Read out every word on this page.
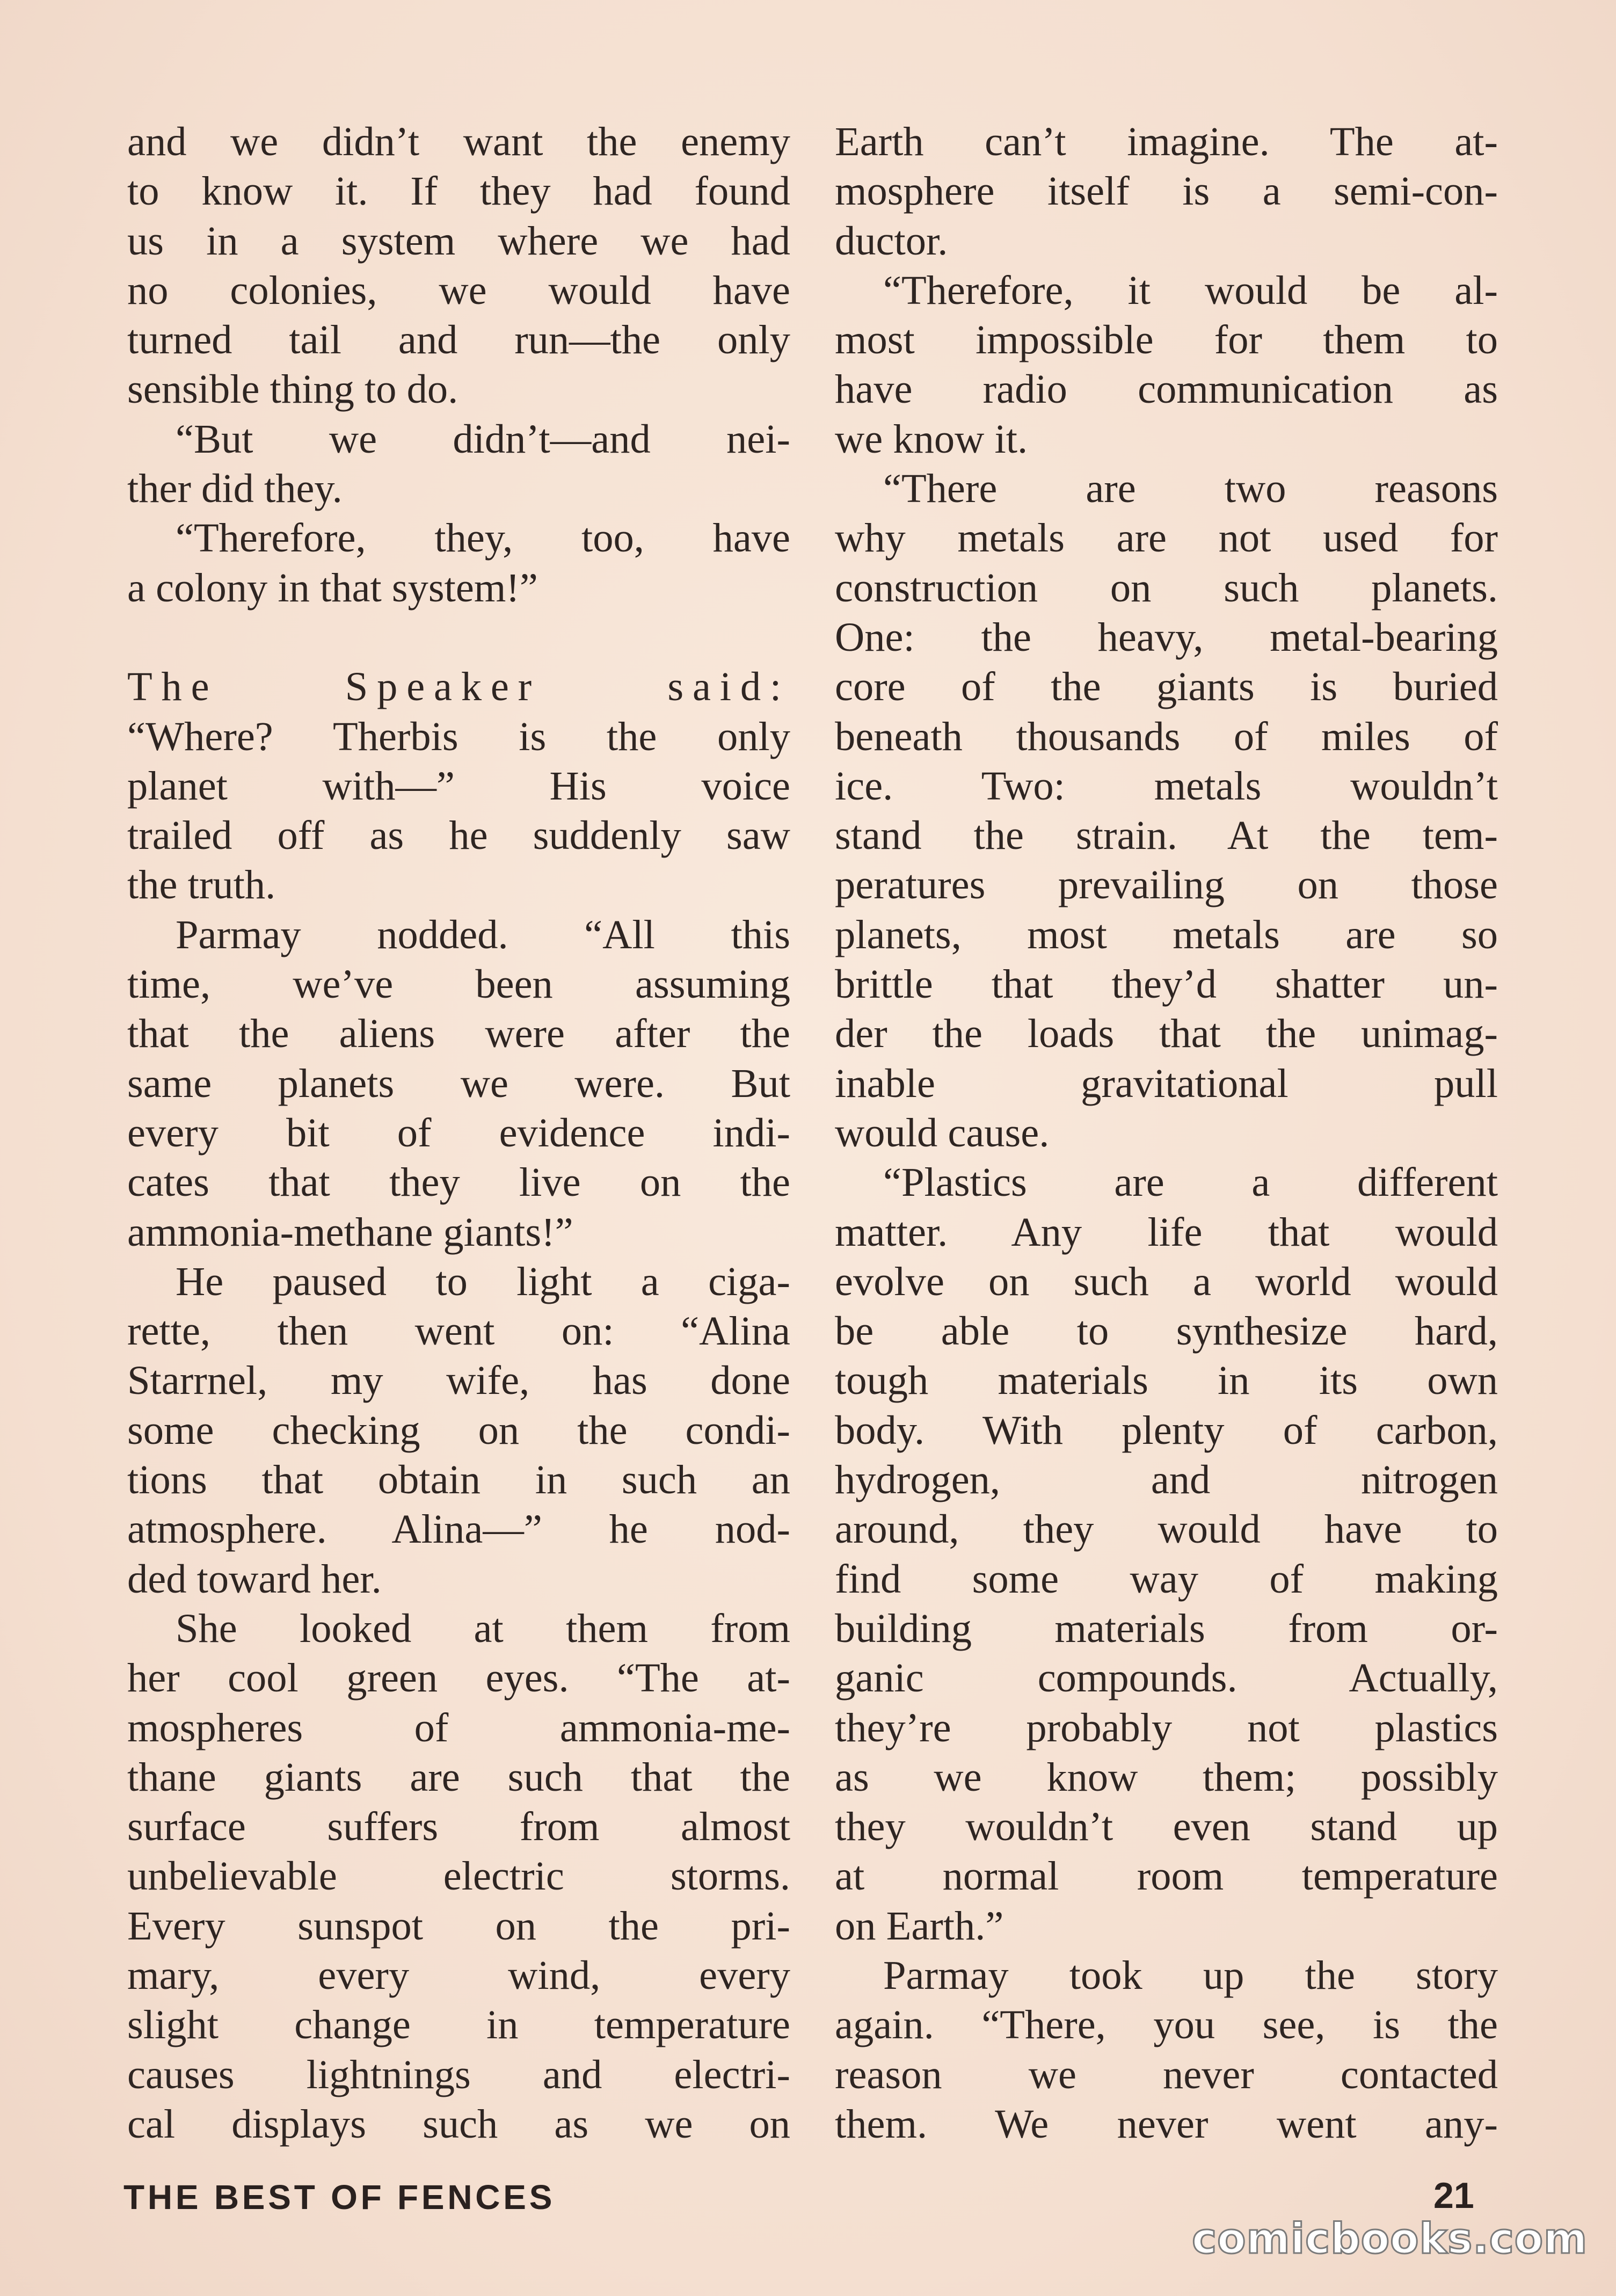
and we didn’t want the enemy
to know it. If they had found
us in a system where we had
no colonies, we would have
turned tail and run—the only
sensible thing to do.
“But we didn’t—and nei-
ther did they.
“Therefore, they, too, have
a colony in that system!”
The Speaker said:
“Where? Therbis is the only
planet with—” His voice
trailed off as he suddenly saw
the truth.
Parmay nodded. “All this
time, we’ve been assuming
that the aliens were after the
same planets we were. But
every bit of evidence indi-
cates that they live on the
ammonia-methane giants!”
He paused to light a ciga-
rette, then went on: “Alina
Starrnel, my wife, has done
some checking on the condi-
tions that obtain in such an
atmosphere. Alina—” he nod-
ded toward her.
She looked at them from
her cool green eyes. “The at-
mospheres of ammonia-me-
thane giants are such that the
surface suffers from almost
unbelievable electric storms.
Every sunspot on the pri-
mary, every wind, every
slight change in temperature
causes lightnings and electri-
cal displays such as we on
Earth can’t imagine. The at-
mosphere itself is a semi-con-
ductor.
“Therefore, it would be al-
most impossible for them to
have radio communication as
we know it.
“There are two reasons
why metals are not used for
construction on such planets.
One: the heavy, metal-bearing
core of the giants is buried
beneath thousands of miles of
ice. Two: metals wouldn’t
stand the strain. At the tem-
peratures prevailing on those
planets, most metals are so
brittle that they’d shatter un-
der the loads that the unimag-
inable gravitational pull
would cause.
“Plastics are a different
matter. Any life that would
evolve on such a world would
be able to synthesize hard,
tough materials in its own
body. With plenty of carbon,
hydrogen, and nitrogen
around, they would have to
find some way of making
building materials from or-
ganic compounds. Actually,
they’re probably not plastics
as we know them; possibly
they wouldn’t even stand up
at normal room temperature
on Earth.”
Parmay took up the story
again. “There, you see, is the
reason we never contacted
them. We never went any-
THE BEST OF FENCES	21
comicbooks.com
